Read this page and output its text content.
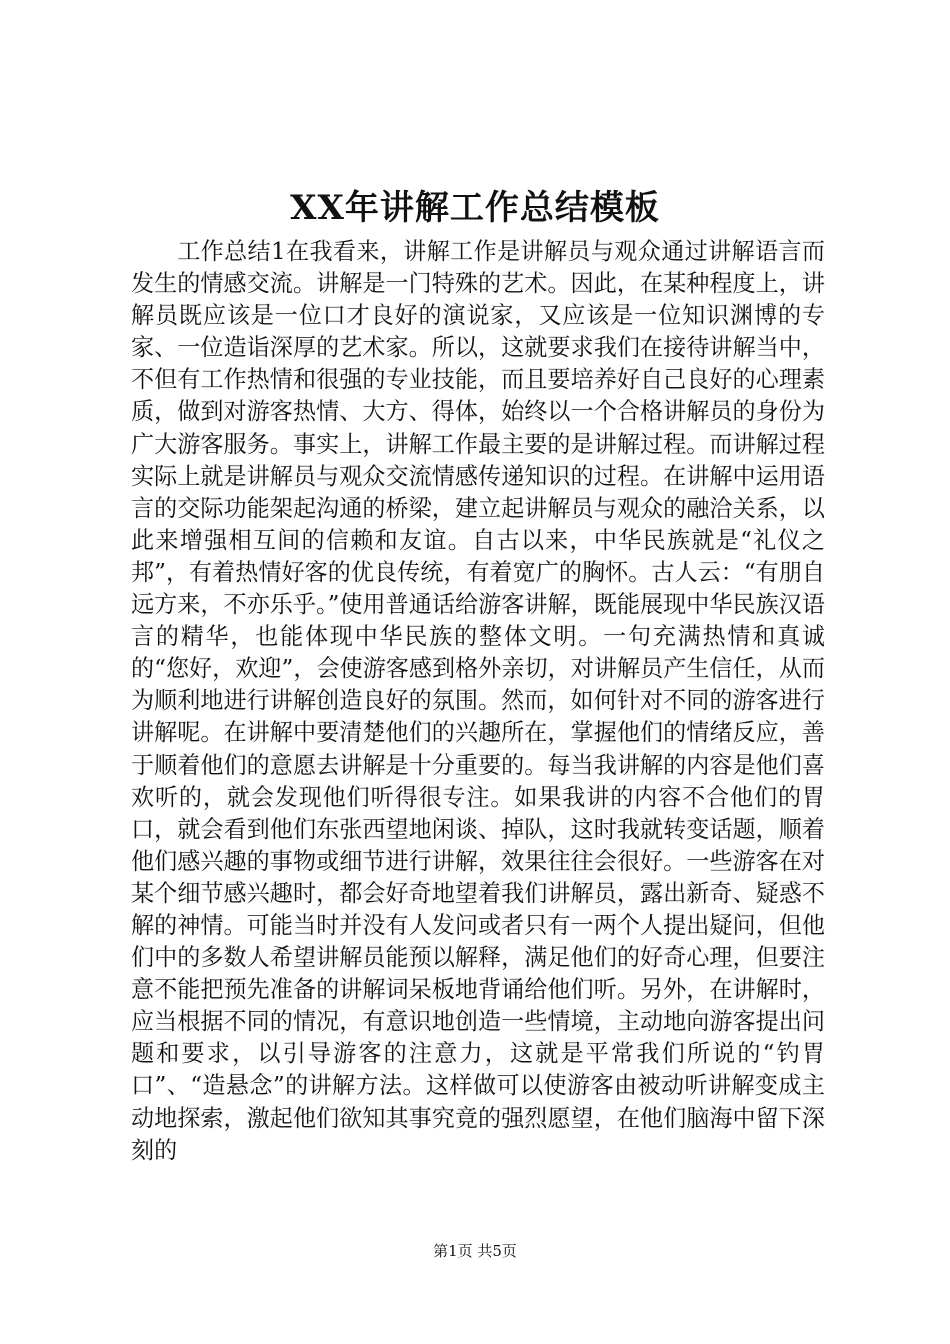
XX年讲解工作总结模板

工作总结1在我看来，讲解工作是讲解员与观众通过讲解语言而发生的情感交流。讲解是一门特殊的艺术。因此，在某种程度上，讲解员既应该是一位口才良好的演说家，又应该是一位知识渊博的专家、一位造诣深厚的艺术家。所以，这就要求我们在接待讲解当中，不但有工作热情和很强的专业技能，而且要培养好自己良好的心理素质，做到对游客热情、大方、得体，始终以一个合格讲解员的身份为广大游客服务。事实上，讲解工作最主要的是讲解过程。而讲解过程实际上就是讲解员与观众交流情感传递知识的过程。在讲解中运用语言的交际功能架起沟通的桥梁，建立起讲解员与观众的融洽关系，以此来增强相互间的信赖和友谊。自古以来，中华民族就是“礼仪之邦”，有着热情好客的优良传统，有着宽广的胸怀。古人云：“有朋自远方来，不亦乐乎。”使用普通话给游客讲解，既能展现中华民族汉语言的精华，也能体现中华民族的整体文明。一句充满热情和真诚的“您好，欢迎”，会使游客感到格外亲切，对讲解员产生信任，从而为顺利地进行讲解创造良好的氛围。然而，如何针对不同的游客进行讲解呢。在讲解中要清楚他们的兴趣所在，掌握他们的情绪反应，善于顺着他们的意愿去讲解是十分重要的。每当我讲解的内容是他们喜欢听的，就会发现他们听得很专注。如果我讲的内容不合他们的胃口，就会看到他们东张西望地闲谈、掉队，这时我就转变话题，顺着他们感兴趣的事物或细节进行讲解，效果往往会很好。一些游客在对某个细节感兴趣时，都会好奇地望着我们讲解员，露出新奇、疑惑不解的神情。可能当时并没有人发问或者只有一两个人提出疑问，但他们中的多数人希望讲解员能预以解释，满足他们的好奇心理，但要注意不能把预先准备的讲解词呆板地背诵给他们听。另外，在讲解时，应当根据不同的情况，有意识地创造一些情境，主动地向游客提出问题和要求，以引导游客的注意力，这就是平常我们所说的“钓胃口”、“造悬念”的讲解方法。这样做可以使游客由被动听讲解变成主动地探索，激起他们欲知其事究竟的强烈愿望，在他们脑海中留下深刻的

第1页 共5页
